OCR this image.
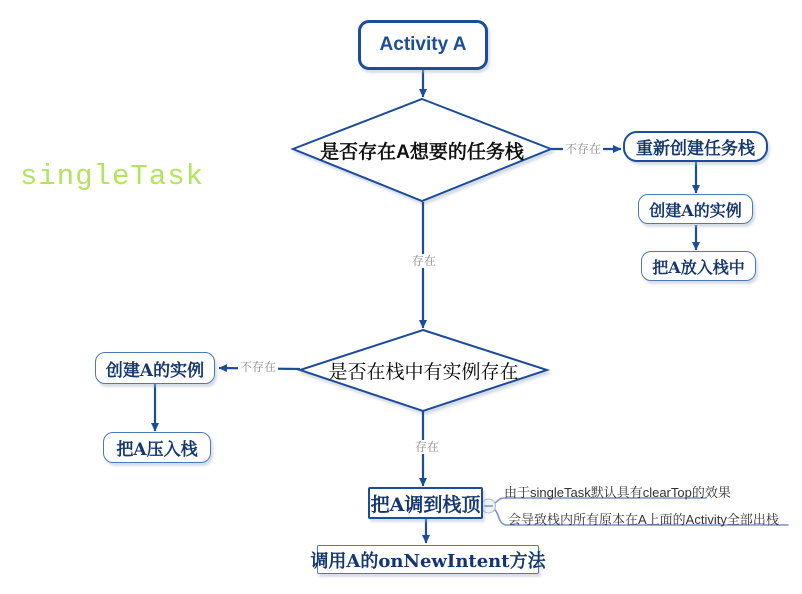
singleTask
Activity A
是否存在A想要的任务栈	重新创建任务栈
创建A的实例
把A放入栈中
是否在栈中有实例存在
创建A的实例
把A压入栈
把A调到栈顶
调用A的onNewIntent方法
不存在
存在
不存在
存在
由于singleTask默认具有clearTop的效果
会导致栈内所有原本在A上面的Activity全部出栈
